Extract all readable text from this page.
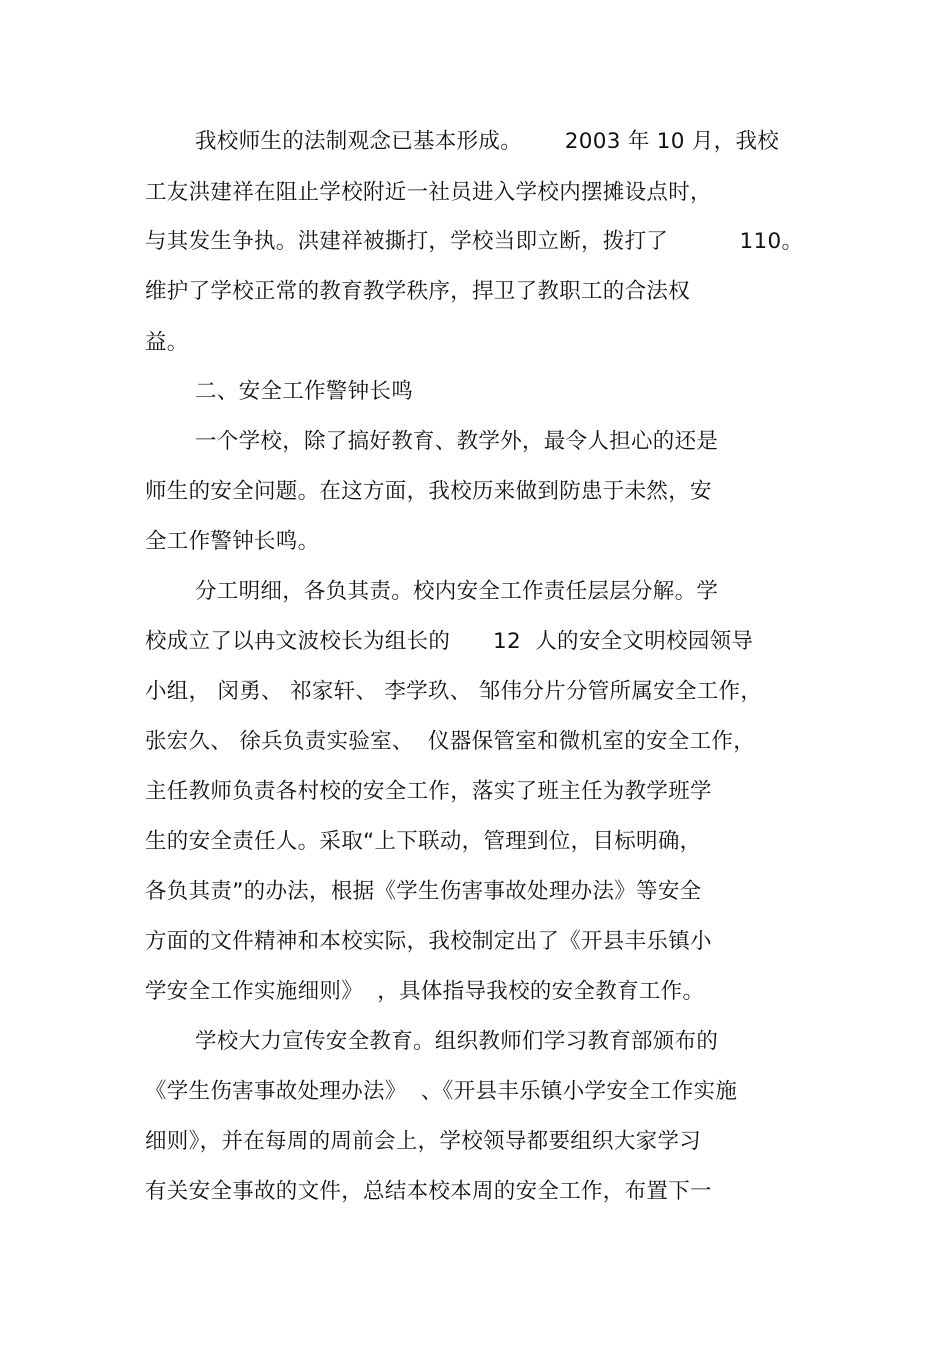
我校师生的法制观念已基本形成。      2003 年 10 月，我校
工友洪建祥在阻止学校附近一社员进入学校内摆摊设点时，
与其发生争执。洪建祥被撕打，学校当即立断，拨打了          110。
维护了学校正常的教育教学秩序，捍卫了教职工的合法权
益。
二、安全工作警钟长鸣
一个学校，除了搞好教育、教学外，最令人担心的还是
师生的安全问题。在这方面，我校历来做到防患于未然，安
全工作警钟长鸣。
分工明细，各负其责。校内安全工作责任层层分解。学
校成立了以冉文波校长为组长的      12  人的安全文明校园领导
小组， 闵勇、 祁家轩、 李学玖、 邹伟分片分管所属安全工作，
张宏久、 徐兵负责实验室、  仪器保管室和微机室的安全工作，
主任教师负责各村校的安全工作，落实了班主任为教学班学
生的安全责任人。采取“上下联动，管理到位，目标明确，
各负其责”的办法，根据《学生伤害事故处理办法》等安全
方面的文件精神和本校实际，我校制定出了《开县丰乐镇小
学安全工作实施细则》  ，具体指导我校的安全教育工作。
学校大力宣传安全教育。组织教师们学习教育部颁布的
《学生伤害事故处理办法》  、《开县丰乐镇小学安全工作实施
细则》，并在每周的周前会上，学校领导都要组织大家学习
有关安全事故的文件，总结本校本周的安全工作，布置下一
